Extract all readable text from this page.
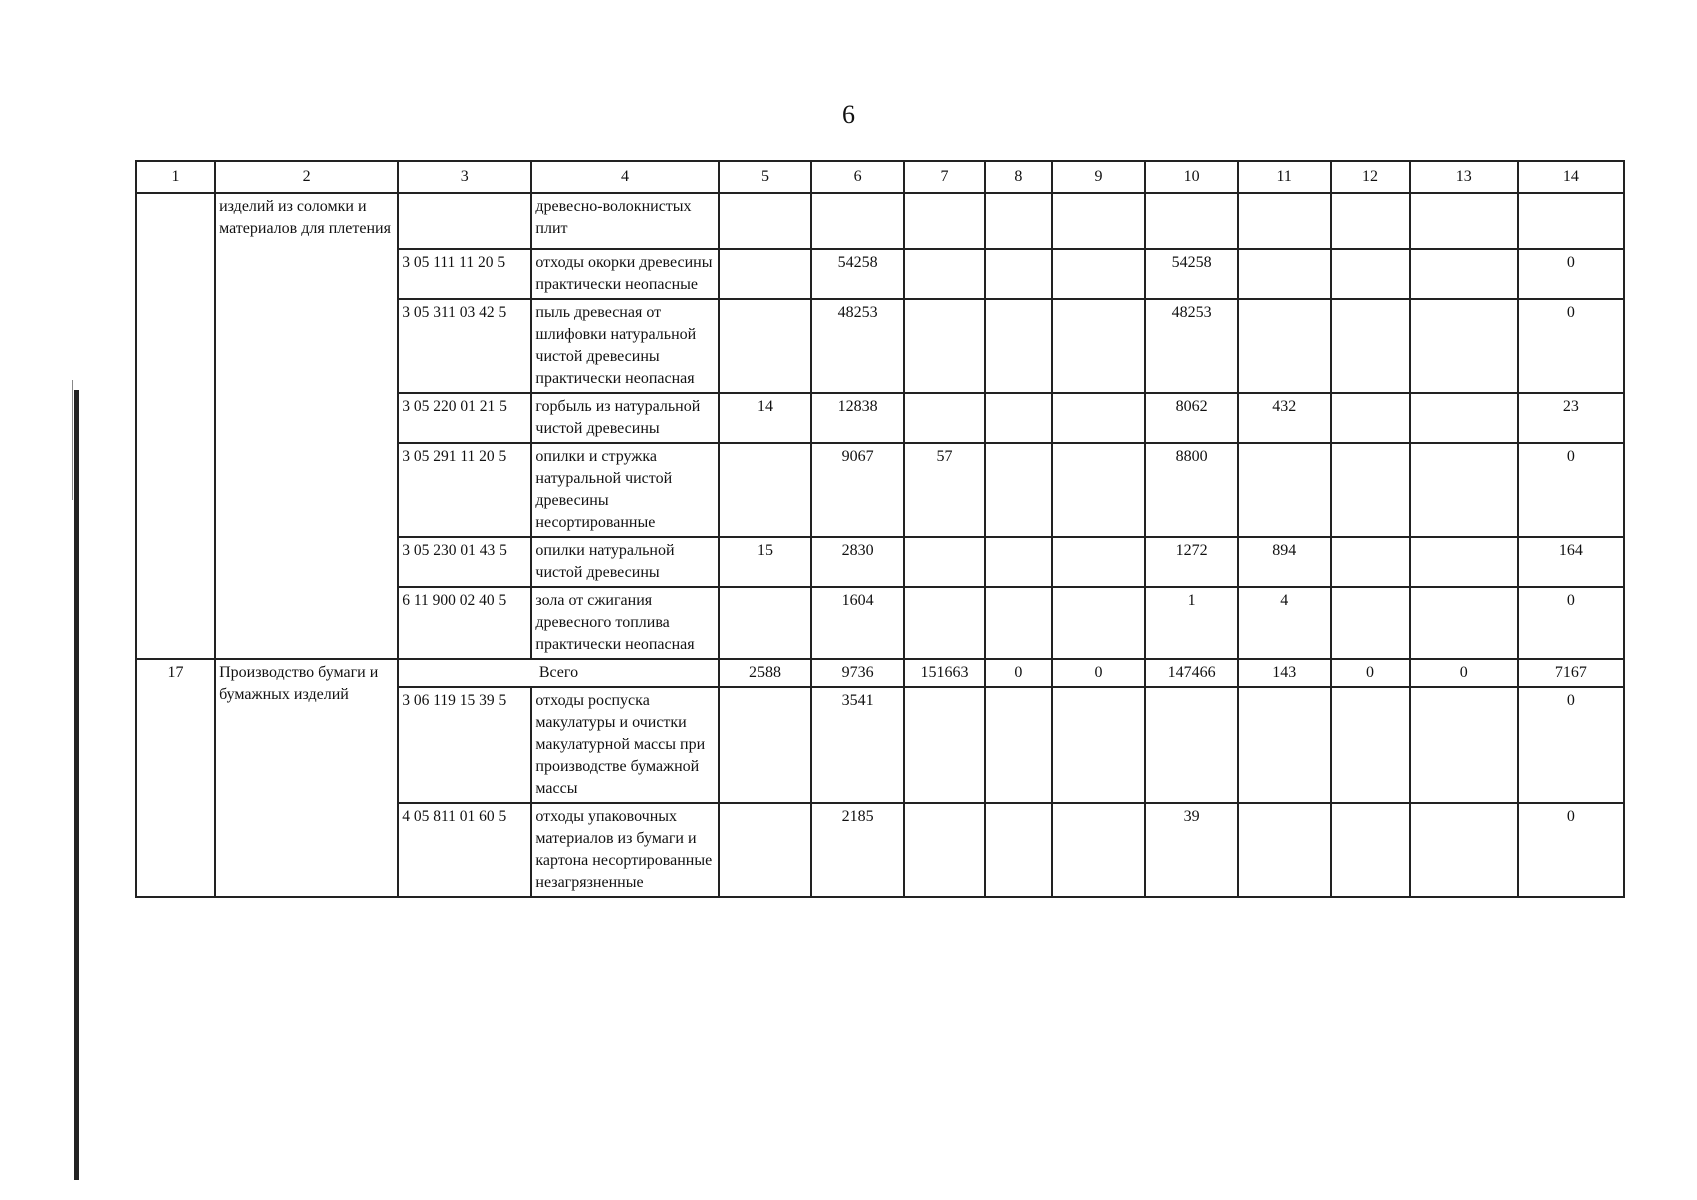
6
1	2	3	4	5	6	7	8	9	10	11	12	13	14
	изделий из соломки и материалов для плетения		древесно-волокнистых плит										
		3 05 111 11 20 5	отходы окорки древесины практически неопасные		54258				54258				0
		3 05 311 03 42 5	пыль древесная от шлифовки натуральной чистой древесины практически неопасная		48253				48253				0
		3 05 220 01 21 5	горбыль из натуральной чистой древесины	14	12838				8062	432			23
		3 05 291 11 20 5	опилки и стружка натуральной чистой древесины несортированные		9067	57			8800				0
		3 05 230 01 43 5	опилки натуральной чистой древесины	15	2830				1272	894			164
		6 11 900 02 40 5	зола от сжигания древесного топлива практически неопасная		1604				1	4			0
17	Производство бумаги и бумажных изделий	Всего		2588	9736	151663	0	0	147466	143	0	0	7167
		3 06 119 15 39 5	отходы роспуска макулатуры и очистки макулатурной массы при производстве бумажной массы		3541								0
		4 05 811 01 60 5	отходы упаковочных материалов из бумаги и картона несортированные незагрязненные		2185				39				0
